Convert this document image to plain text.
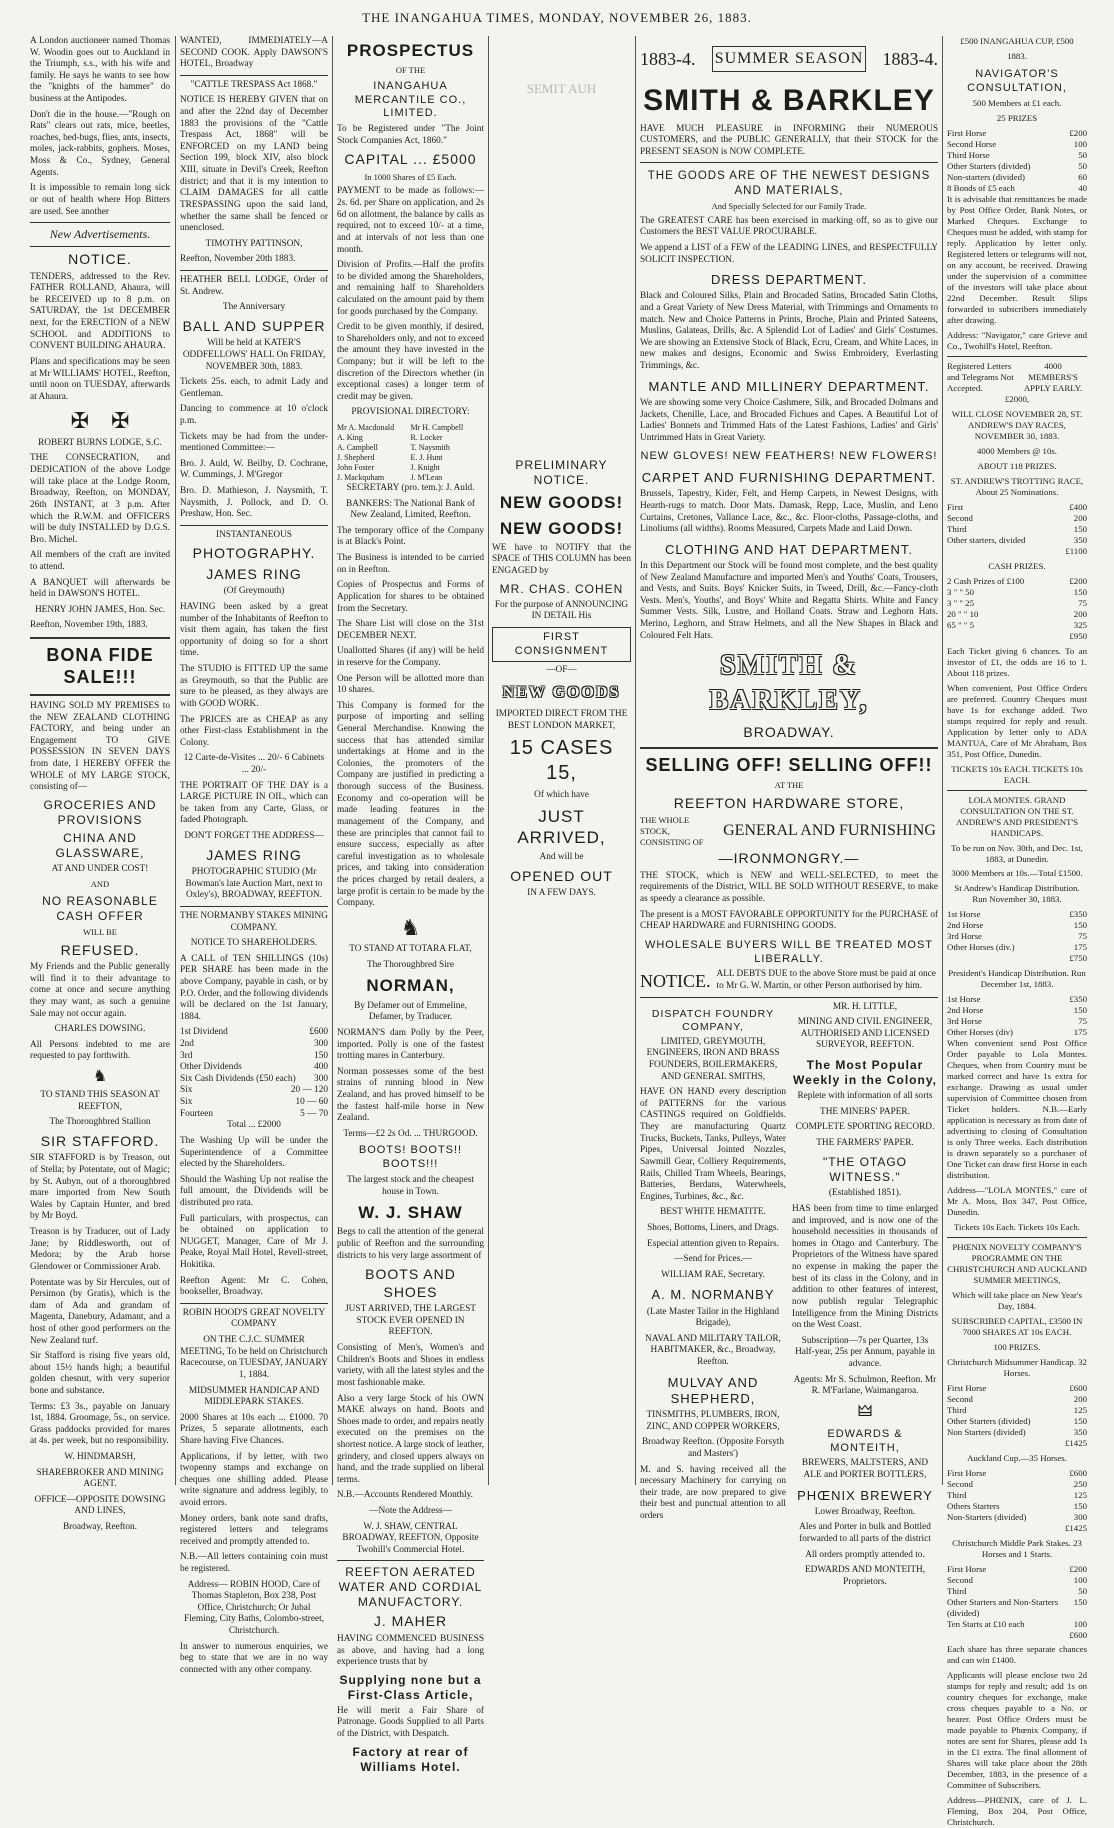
THE INANGAHUA TIMES, MONDAY, NOVEMBER 26, 1883.

A London auctioneer named Thomas W. Woodin goes out to Auckland in the Triumph, s.s., with his wife and family. He says he wants to see how the "knights of the hammer" do business at the Antipodes.

Don't die in the house.—"Rough on Rats" clears out rats, mice, beetles, roaches, bed-bugs, flies, ants, insects, moles, jack-rabbits, gophers. Moses, Moss & Co., Sydney, General Agents.

It is impossible to remain long sick or out of health where Hop Bitters are used. See another

New Advertisements.
NOTICE.

TENDERS, addressed to the Rev. FATHER ROLLAND, Ahaura, will be RECEIVED up to 8 p.m. on SATURDAY, the 1st DECEMBER next, for the ERECTION of a NEW SCHOOL and ADDITIONS to CONVENT BUILDING AHAURA.

Plans and specifications may be seen at Mr WILLIAMS' HOTEL, Reefton, until noon on TUESDAY, afterwards at Ahaura.

✠    ✠

ROBERT BURNS LODGE, S.C.

THE CONSECRATION, and DEDICATION of the above Lodge will take place at the Lodge Room, Broadway, Reefton, on MONDAY, 26th INSTANT, at 3 p.m. After which the R.W.M. and OFFICERS will be duly INSTALLED by D.G.S. Bro. Michel.

All members of the craft are invited to attend.

A BANQUET will afterwards be held in DAWSON'S HOTEL.

HENRY JOHN JAMES, Hon. Sec.

Reefton, November 19th, 1883.

BONA FIDE SALE!!!

HAVING SOLD MY PREMISES to the NEW ZEALAND CLOTHING FACTORY, and being under an Engagement TO GIVE POSSESSION IN SEVEN DAYS from date, I HEREBY OFFER the WHOLE of MY LARGE STOCK, consisting of—

GROCERIES AND PROVISIONS
CHINA AND GLASSWARE,

AT AND UNDER COST!

AND

NO REASONABLE CASH OFFER

WILL BE

REFUSED.

My Friends and the Public generally will find it to their advantage to come at once and secure anything they may want, as such a genuine Sale may not occur again.

CHARLES DOWSING.

All Persons indebted to me are requested to pay forthwith.

♞

TO STAND THIS SEASON AT REEFTON,

The Thoroughbred Stallion

SIR STAFFORD.

SIR STAFFORD is by Treason, out of Stella; by Potentate, out of Magic; by St. Aubyn, out of a thoroughbred mare imported from New South Wales by Captain Hunter, and bred by Mr Boyd.

Treason is by Traducer, out of Lady Jane; by Riddlesworth, out of Medora; by the Arab horse Glendower or Commissioner Arab.

Potentate was by Sir Hercules, out of Persimon (by Gratis), which is the dam of Ada and grandam of Magenta, Danebury, Adamant, and a host of other good performers on the New Zealand turf.

Sir Stafford is rising five years old, about 15½ hands high; a beautiful golden chesnut, with very superior bone and substance.

Terms: £3 3s., payable on January 1st, 1884. Groomage, 5s., on service. Grass paddocks provided for mares at 4s. per week, but no responsibility.

W. HINDMARSH,

SHAREBROKER AND MINING AGENT.

OFFICE—OPPOSITE DOWSING AND LINES,

Broadway, Reefton.

WANTED, IMMEDIATELY—A SECOND COOK. Apply DAWSON'S HOTEL, Broadway

"CATTLE TRESPASS Act 1868."

NOTICE IS HEREBY GIVEN that on and after the 22nd day of December 1883 the provisions of the "Cattle Trespass Act, 1868" will be ENFORCED on my LAND being Section 199, block XIV, also block XIII, situate in Devil's Creek, Reefton district; and that it is my intention to CLAIM DAMAGES for all cattle TRESPASSING upon the said land, whether the same shall be fenced or unenclosed.

TIMOTHY PATTINSON,

Reefton, November 20th 1883.

HEATHER BELL LODGE, Order of St. Andrew.

The Anniversary

BALL AND SUPPER

Will be held at KATER'S ODDFELLOWS' HALL On FRIDAY, NOVEMBER 30th, 1883.

Tickets 25s. each, to admit Lady and Gentleman.

Dancing to commence at 10 o'clock p.m.

Tickets may be had from the under-mentioned Committee:—

Bro. J. Auld, W. Beilby, D. Cochrane, W. Cummings, J. M'Gregor

Bro. D. Mathieson, J. Naysmith, T. Naysmith, J. Pollock, and D. O. Preshaw, Hon. Sec.

INSTANTANEOUS

PHOTOGRAPHY.
JAMES RING

(Of Greymouth)

HAVING been asked by a great number of the Inhabitants of Reefton to visit them again, has taken the first opportunity of doing so for a short time.

The STUDIO is FITTED UP the same as Greymouth, so that the Public are sure to be pleased, as they always are with GOOD WORK.

The PRICES are as CHEAP as any other First-class Establishment in the Colony.

12 Carte-de-Visites ... 20/- 6 Cabinets ... 20/-

THE PORTRAIT OF THE DAY is a LARGE PICTURE IN OIL, which can be taken from any Carte, Glass, or faded Photograph.

DON'T FORGET THE ADDRESS—

JAMES RING

PHOTOGRAPHIC STUDIO (Mr Bowman's late Auction Mart, next to Oxley's), BROADWAY, REEFTON.

THE NORMANBY STAKES MINING COMPANY.

NOTICE TO SHAREHOLDERS.

A CALL of TEN SHILLINGS (10s) PER SHARE has been made in the above Company, payable in cash, or by P.O. Order, and the following dividends will be declared on the 1st January, 1884.

1st Dividend	£600
2nd	300
3rd	150
Other Dividends	400
Six Cash Dividends (£50 each) 300
Six	20 — 120
Six	10 — 60
Fourteen	5 — 70

Total ... £2000

The Washing Up will be under the Superintendence of a Committee elected by the Shareholders.

Should the Washing Up not realise the full amount, the Dividends will be distributed pro rata.

Full particulars, with prospectus, can be obtained on application to NUGGET, Manager, Care of Mr J. Peake, Royal Mail Hotel, Revell-street, Hokitika.

Reefton Agent: Mr C. Cohen, bookseller, Broadway.

ROBIN HOOD'S GREAT NOVELTY COMPANY

ON THE C.J.C. SUMMER MEETING, To be held on Christchurch Racecourse, on TUESDAY, JANUARY 1, 1884.

MIDSUMMER HANDICAP AND MIDDLEPARK STAKES.

2000 Shares at 10s each ... £1000. 70 Prizes, 5 separate allotments, each Share having Five Chances.

Applications, if by letter, with two twopenny stamps and exchange on cheques one shilling added. Please write signature and address legibly, to avoid errors.

Money orders, bank note sand drafts, registered letters and telegrams received and promptly attended to.

N.B.—All letters containing coin must be registered.

Address— ROBIN HOOD, Care of Thomas Stapleton, Box 238, Post Office, Christchurch; Or Jubal Fleming, City Baths, Colombo-street, Christchurch.

In answer to numerous enquiries, we beg to state that we are in no way connected with any other company.

PROSPECTUS

OF THE

INANGAHUA MERCANTILE CO., LIMITED.

To be Registered under "The Joint Stock Companies Act, 1860."

CAPITAL ... £5000

In 1000 Shares of £5 Each.

PAYMENT to be made as follows:—2s. 6d. per Share on application, and 2s 6d on allotment, the balance by calls as required, not to exceed 10/- at a time, and at intervals of not less than one month.

Division of Profits.—Half the profits to be divided among the Shareholders, and remaining half to Shareholders calculated on the amount paid by them for goods purchased by the Company.

Credit to be given monthly, if desired, to Shareholders only, and not to exceed the amount they have invested in the Company; but it will be left to the discretion of the Directors whether (in exceptional cases) a longer term of credit may be given.

PROVISIONAL DIRECTORY:

Mr A. Macdonald	Mr H. Campbell
A. King	R. Locker
A. Campbell	T. Naysmith
J. Shepherd	E. J. Hunt
John Foster	J. Knight
J. Mackquham	J. M'Lean

SECRETARY (pro. tem.): J. Auld.

BANKERS: The National Bank of New Zealand, Limited, Reefton.

The temporary office of the Company is at Black's Point.

The Business is intended to be carried on in Reefton.

Copies of Prospectus and Forms of Application for shares to be obtained from the Secretary.

The Share List will close on the 31st DECEMBER NEXT.

Unallotted Shares (if any) will be held in reserve for the Company.

One Person will be allotted more than 10 shares.

This Company is formed for the purpose of importing and selling General Merchandise. Knowing the success that has attended similar undertakings at Home and in the Colonies, the promoters of the Company are justified in predicting a thorough success of the Business. Economy and co-operation will be made leading features in the management of the Company, and these are principles that cannot fail to ensure success, especially as after careful investigation as to wholesale prices, and taking into consideration the prices charged by retail dealers, a large profit is certain to be made by the Company.

♞

TO STAND AT TOTARA FLAT,

The Thoroughbred Sire

NORMAN,

By Defamer out of Emmeline, Defamer, by Traducer.

NORMAN'S dam Polly by the Peer, imported. Polly is one of the fastest trotting mares in Canterbury.

Norman possesses some of the best strains of running blood in New Zealand, and has proved himself to be the fastest half-mile horse in New Zealand.

Terms—£2 2s Od. ... THURGOOD.

BOOTS! BOOTS!! BOOTS!!!

The largest stock and the cheapest house in Town.

W. J. SHAW

Begs to call the attention of the general public of Reefton and the surrounding districts to his very large assortment of

BOOTS AND SHOES

JUST ARRIVED, THE LARGEST STOCK EVER OPENED IN REEFTON.

Consisting of Men's, Women's and Children's Boots and Shoes in endless variety, with all the latest styles and the most fashionable make.

Also a very large Stock of his OWN MAKE always on hand. Boots and Shoes made to order, and repairs neatly executed on the premises on the shortest notice. A large stock of leather, grindery, and closed uppers always on hand, and the trade supplied on liberal terms.

N.B.—Accounts Rendered Monthly.

—Note the Address—

W. J. SHAW, CENTRAL BROADWAY, REEFTON, Opposite Twohill's Commercial Hotel.

REEFTON AERATED WATER AND CORDIAL MANUFACTORY.
J. MAHER

HAVING COMMENCED BUSINESS as above, and having had a long experience trusts that by

Supplying none but a First-Class Article,

He will merit a Fair Share of Patronage. Goods Supplied to all Parts of the District, with Despatch.

Factory at rear of Williams Hotel.
SEMIT AUH
PRELIMINARY NOTICE.
NEW GOODS!
NEW GOODS!

WE have to NOTIFY that the SPACE of THIS COLUMN has been ENGAGED by

MR. CHAS. COHEN

For the purpose of ANNOUNCING IN DETAIL His

FIRST CONSIGNMENT

—OF—

NEW GOODS

IMPORTED DIRECT FROM THE BEST LONDON MARKET,

15 CASES 15,

Of which have

JUST ARRIVED,

And will be

OPENED OUT

IN A FEW DAYS.

1883-4. SUMMER SEASON 1883-4.
SMITH & BARKLEY

HAVE MUCH PLEASURE in INFORMING their NUMEROUS CUSTOMERS, and the PUBLIC GENERALLY, that their STOCK for the PRESENT SEASON is NOW COMPLETE.

THE GOODS ARE OF THE NEWEST DESIGNS AND MATERIALS,

And Specially Selected for our Family Trade.

The GREATEST CARE has been exercised in marking off, so as to give our Customers the BEST VALUE PROCURABLE.

We append a LIST of a FEW of the LEADING LINES, and RESPECTFULLY SOLICIT INSPECTION.

DRESS DEPARTMENT.

Black and Coloured Silks, Plain and Brocaded Satins, Brocaded Satin Cloths, and a Great Variety of New Dress Material, with Trimmings and Ornaments to match. New and Choice Patterns in Prints, Broche, Plain and Printed Sateens, Muslins, Galateas, Drills, &c. A Splendid Lot of Ladies' and Girls' Costumes. We are showing an Extensive Stock of Black, Ecru, Cream, and White Laces, in new makes and designs, Economic and Swiss Embroidery, Everlasting Trimmings, &c.

MANTLE AND MILLINERY DEPARTMENT.

We are showing some very Choice Cashmere, Silk, and Brocaded Dolmans and Jackets, Chenille, Lace, and Brocaded Fichues and Capes. A Beautiful Lot of Ladies' Bonnets and Trimmed Hats of the Latest Fashions, Ladies' and Girls' Untrimmed Hats in Great Variety.

NEW GLOVES! NEW FEATHERS! NEW FLOWERS!
CARPET AND FURNISHING DEPARTMENT.

Brussels, Tapestry, Kider, Felt, and Hemp Carpets, in Newest Designs, with Hearth-rugs to match. Door Mats. Damask, Repp, Lace, Muslin, and Leno Curtains, Cretones, Vallance Lace, &c., &c. Floor-cloths, Passage-cloths, and Linoliums (all widths). Rooms Measured, Carpets Made and Laid Down.

CLOTHING AND HAT DEPARTMENT.

In this Department our Stock will be found most complete, and the best quality of New Zealand Manufacture and imported Men's and Youths' Coats, Trousers, and Vests, and Suits. Boys' Knicker Suits, in Tweed, Drill, &c.—Fancy-cloth Vests. Men's, Youths', and Boys' White and Regatta Shirts. White and Fancy Summer Vests. Silk, Lustre, and Holland Coats. Straw and Leghorn Hats. Merino, Leghorn, and Straw Helmets, and all the New Shapes in Black and Coloured Felt Hats.

SMITH & BARKLEY,
BROADWAY.
SELLING OFF! SELLING OFF!!

AT THE

REEFTON HARDWARE STORE,
THE WHOLE STOCK, CONSISTING OF
GENERAL AND FURNISHING
—IRONMONGRY.—

THE STOCK, which is NEW and WELL-SELECTED, to meet the requirements of the District, WILL BE SOLD WITHOUT RESERVE, to make as speedy a clearance as possible.

The present is a MOST FAVORABLE OPPORTUNITY for the PURCHASE of CHEAP HARDWARE and FURNISHING GOODS.

WHOLESALE BUYERS WILL BE TREATED MOST LIBERALLY.
NOTICE. ALL DEBTS DUE to the above Store must be paid at once to Mr G. W. Martin, or other Person authorised by him.
DISPATCH FOUNDRY COMPANY,

LIMITED, GREYMOUTH, ENGINEERS, IRON AND BRASS FOUNDERS, BOILERMAKERS, AND GENERAL SMITHS,

HAVE ON HAND every description of PATTERNS for the various CASTINGS required on Goldfields. They are manufacturing Quartz Trucks, Buckets, Tanks, Pulleys, Water Pipes, Universal Jointed Nozzles, Sawmill Gear, Colliery Requirements, Rails, Chilled Tram Wheels, Bearings, Batteries, Berdans, Waterwheels, Engines, Turbines, &c., &c.

BEST WHITE HEMATITE.

Shoes, Bottoms, Liners, and Drags.

Especial attention given to Repairs.

—Send for Prices.—

WILLIAM RAE, Secretary.

A. M. NORMANBY

(Late Master Tailor in the Highland Brigade),

NAVAL AND MILITARY TAILOR, HABITMAKER, &c., Broadway, Reefton.

MULVAY AND SHEPHERD,

TINSMITHS, PLUMBERS, IRON, ZINC, AND COPPER WORKERS,

Broadway Reefton. (Opposite Forsyth and Masters')

M. and S. having received all the necessary Machinery for carrying on their trade, are now prepared to give their best and punctual attention to all orders

MR. H. LITTLE,

MINING AND CIVIL ENGINEER, AUTHORISED AND LICENSED SURVEYOR, REEFTON.

The Most Popular Weekly in the Colony,

Replete with information of all sorts

THE MINERS' PAPER.

COMPLETE SPORTING RECORD.

THE FARMERS' PAPER.

"THE OTAGO WITNESS."

(Established 1851).

HAS been from time to time enlarged and improved, and is now one of the household necessities in thousands of homes in Otago and Canterbury. The Proprietors of the Witness have spared no expense in making the paper the best of its class in the Colony, and in addition to other features of interest, now publish regular Telegraphic Intelligence from the Mining Districts on the West Coast.

Subscription—7s per Quarter, 13s Half-year, 25s per Annum, payable in advance.

Agents: Mr S. Schulmon, Reefton. Mr R. M'Farlane, Waimangaroa.

🜲
EDWARDS & MONTEITH,

BREWERS, MALTSTERS, AND ALE and PORTER BOTTLERS,

PHŒNIX BREWERY

Lower Broadway, Reefton.

Ales and Porter in bulk and Bottled forwarded to all parts of the district

All orders promptly attended to.

EDWARDS AND MONTEITH, Proprietors.

£500 INANGAHUA CUP, £500

1883.

NAVIGATOR'S CONSULTATION,

500 Members at £1 each.

25 PRIZES

First Horse	£200
Second Horse	100
Third Horse	50
Other Starters (divided)	50
Non-starters (divided)	60
8 Bonds of £5 each	40

It is advisable that remittances be made by Post Office Order, Bank Notes, or Marked Cheques. Exchange to Cheques must be added, with stamp for reply. Application by letter only. Registered letters or telegrams will not, on any account, be received. Drawing under the supervision of a committee of the investors will take place about 22nd December. Result Slips forwarded to subscribers immediately after drawing.

Address: "Navigator," care Grieve and Co., Twohill's Hotel, Reefton.

Registered Letters and Telegrams Not Accepted.
4000 MEMBERS'S APPLY EARLY.

£2000,

WILL CLOSE NOVEMBER 28, ST. ANDREW'S DAY RACES, NOVEMBER 30, 1883.

4000 Members @ 10s.

ABOUT 118 PRIZES.

ST. ANDREW'S TROTTING RACE, About 25 Nominations.

First	£400
Second	200
Third	150
Other starters, divided	350

£1100

CASH PRIZES.

2 Cash Prizes of £100	£200
3 " " 50	150
3 " " 25	75
20 " " 10	200
65 " " 5	325

£950

Each Ticket giving 6 chances. To an investor of £1, the odds are 16 to 1. About 118 prizes.

When convenient, Post Office Orders are preferred. Country Cheques must have 1s for exchange added. Two stamps required for reply and result. Application by letter only to ADA MANTUA, Care of Mr Abraham, Box 351, Post Office, Dunedin.

TICKETS 10s EACH. TICKETS 10s EACH.

LOLA MONTES. GRAND CONSULTATION ON THE ST. ANDREW'S AND PRESIDENT'S HANDICAPS.

To be run on Nov. 30th, and Dec. 1st, 1883, at Dunedin.

3000 Members at 10s.—Total £1500.

St Andrew's Handicap Distribution. Run November 30, 1883.

1st Horse	£350
2nd Horse	150
3rd Horse	75
Other Horses (div.)	175

£750

President's Handicap Distribution. Run December 1st, 1883.

1st Horse	£350
2nd Horse	150
3rd Horse	75
Other Horses (div)	175

When convenient send Post Office Order payable to Lola Montes. Cheques, when from Country must be marked correct and have 1s extra for exchange. Drawing as usual under supervision of Committee chosen from Ticket holders. N.B.—Early application is necessary as from date of advertising to closing of Consultation is only Three weeks. Each distribution is drawn separately so a purchaser of One Ticket can draw first Horse in each distribution.

Address—"LOLA MONTES," care of Mr A. Moss, Box 347, Post Office, Dunedin.

Tickets 10s Each. Tickets 10s Each.

PHŒNIX NOVELTY COMPANY'S PROGRAMME ON THE CHRISTCHURCH AND AUCKLAND SUMMER MEETINGS,

Which will take place on New Year's Day, 1884.

SUBSCRIBED CAPITAL, £3500 IN 7000 SHARES AT 10s EACH.

100 PRIZES.

Christchurch Midsummer Handicap. 32 Horses.

First Horse	£600
Second	200
Third	125
Other Starters (divided)	150
Non Starters (divided)	350

£1425

Auckland Cup.—35 Horses.

First Horse	£600
Second	250
Third	125
Others Starters	150
Non-Starters (divided)	300

£1425

Christchurch Middle Park Stakes. 23 Horses and 1 Starts.

First Horse	£200
Second	100
Third	50
Other Starters and Non-Starters (divided)
150
Ten Starts at £10 each	100

£600

Each share has three separate chances and can win £1400.

Applicants will please enclose two 2d stamps for reply and result; add 1s on country cheques for exchange, make cross cheques payable to a No. or bearer. Post Office Orders must be made payable to Phœnix Company, if notes are sent for Shares, please add 1s in the £1 extra. The final allotment of Shares will take place about the 28th December, 1883, in the presence of a Committee of Subscribers.

Address—PHŒNIX, care of J. L. Fleming, Box 204, Post Office, Christchurch.
